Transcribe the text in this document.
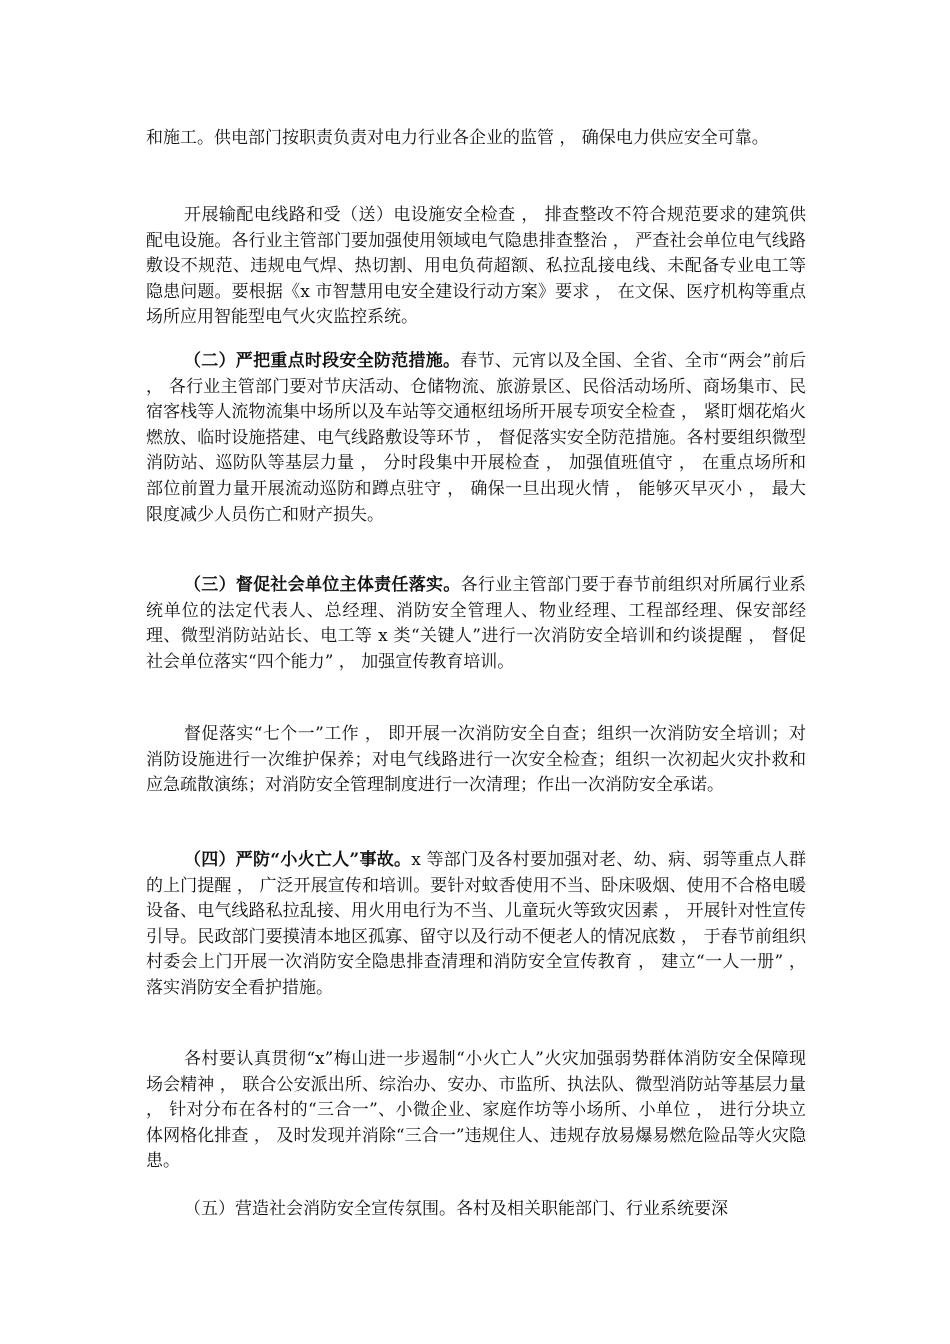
和施工。供电部门按职责负责对电力行业各企业的监管 ， 确保电力供应安全可靠。

开展输配电线路和受（送）电设施安全检查 ， 排查整改不符合规范要求的建筑供配电设施。各行业主管部门要加强使用领域电气隐患排查整治 ， 严查社会单位电气线路敷设不规范、违规电气焊、热切割、用电负荷超额、私拉乱接电线、未配备专业电工等隐患问题。要根据《x 市智慧用电安全建设行动方案》要求 ， 在文保、医疗机构等重点场所应用智能型电气火灾监控系统。

（二）严把重点时段安全防范措施。春节、元宵以及全国、全省、全市“两会”前后 ， 各行业主管部门要对节庆活动、仓储物流、旅游景区、民俗活动场所、商场集市、民宿客栈等人流物流集中场所以及车站等交通枢纽场所开展专项安全检查 ， 紧盯烟花焰火燃放、临时设施搭建、电气线路敷设等环节 ， 督促落实安全防范措施。各村要组织微型消防站、巡防队等基层力量 ， 分时段集中开展检查 ， 加强值班值守 ， 在重点场所和部位前置力量开展流动巡防和蹲点驻守 ， 确保一旦出现火情 ， 能够灭早灭小 ， 最大限度减少人员伤亡和财产损失。

（三）督促社会单位主体责任落实。各行业主管部门要于春节前组织对所属行业系统单位的法定代表人、总经理、消防安全管理人、物业经理、工程部经理、保安部经理、微型消防站站长、电工等 x 类“关键人”进行一次消防安全培训和约谈提醒 ， 督促社会单位落实“四个能力” ， 加强宣传教育培训。

督促落实“七个一”工作 ， 即开展一次消防安全自查；组织一次消防安全培训；对消防设施进行一次维护保养；对电气线路进行一次安全检查；组织一次初起火灾扑救和应急疏散演练；对消防安全管理制度进行一次清理；作出一次消防安全承诺。

（四）严防“小火亡人”事故。x 等部门及各村要加强对老、幼、病、弱等重点人群的上门提醒 ， 广泛开展宣传和培训。要针对蚊香使用不当、卧床吸烟、使用不合格电暖设备、电气线路私拉乱接、用火用电行为不当、儿童玩火等致灾因素 ， 开展针对性宣传引导。民政部门要摸清本地区孤寡、留守以及行动不便老人的情况底数 ， 于春节前组织村委会上门开展一次消防安全隐患排查清理和消防安全宣传教育 ， 建立“一人一册” ， 落实消防安全看护措施。

各村要认真贯彻“x”梅山进一步遏制“小火亡人”火灾加强弱势群体消防安全保障现场会精神 ， 联合公安派出所、综治办、安办、市监所、执法队、微型消防站等基层力量 ， 针对分布在各村的“三合一”、小微企业、家庭作坊等小场所、小单位 ， 进行分块立体网格化排查 ， 及时发现并消除“三合一”违规住人、违规存放易爆易燃危险品等火灾隐患。

（五）营造社会消防安全宣传氛围。各村及相关职能部门、行业系统要深
